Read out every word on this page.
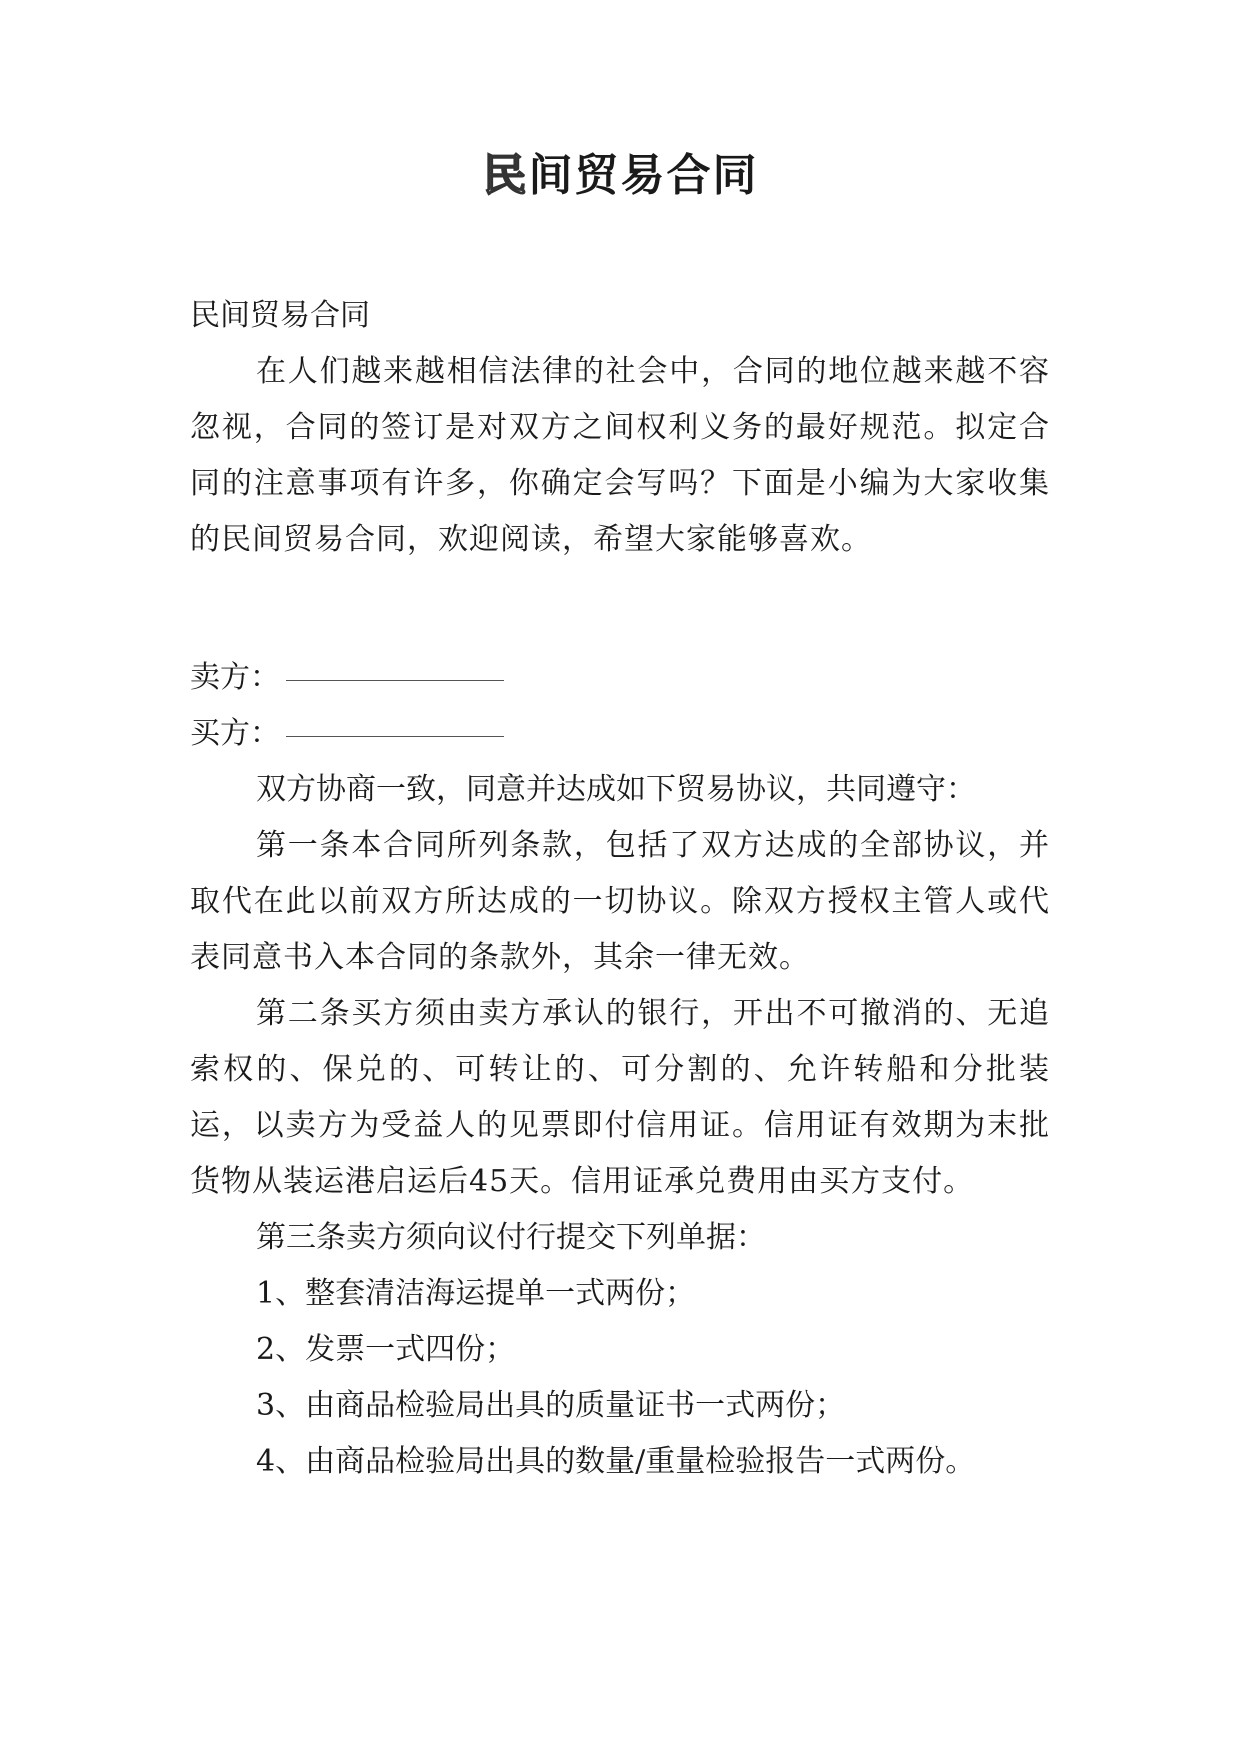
民间贸易合同

民间贸易合同

在人们越来越相信法律的社会中，合同的地位越来越不容忽视，合同的签订是对双方之间权利义务的最好规范。拟定合同的注意事项有许多，你确定会写吗？下面是小编为大家收集的民间贸易合同，欢迎阅读，希望大家能够喜欢。

卖方：

买方：

双方协商一致，同意并达成如下贸易协议，共同遵守：

第一条本合同所列条款，包括了双方达成的全部协议，并取代在此以前双方所达成的一切协议。除双方授权主管人或代表同意书入本合同的条款外，其余一律无效。

第二条买方须由卖方承认的银行，开出不可撤消的、无追索权的、保兑的、可转让的、可分割的、允许转船和分批装运，以卖方为受益人的见票即付信用证。信用证有效期为末批货物从装运港启运后45天。信用证承兑费用由买方支付。

第三条卖方须向议付行提交下列单据：

1、整套清洁海运提单一式两份；

2、发票一式四份；

3、由商品检验局出具的质量证书一式两份；

4、由商品检验局出具的数量/重量检验报告一式两份。
